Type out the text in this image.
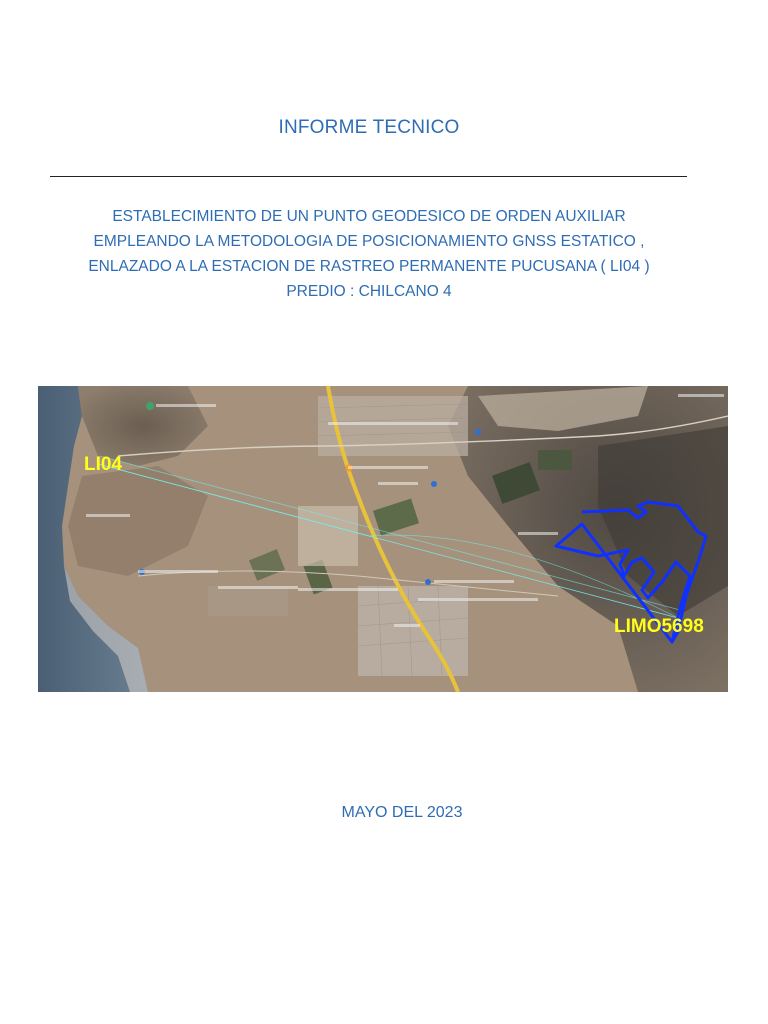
INFORME TECNICO
ESTABLECIMIENTO DE UN PUNTO GEODESICO DE ORDEN AUXILIAR
EMPLEANDO LA METODOLOGIA DE POSICIONAMIENTO GNSS ESTATICO ,
ENLAZADO A LA ESTACION DE RASTREO PERMANENTE PUCUSANA ( LI04 )
PREDIO : CHILCANO 4
LI04
LIMO5698
MAYO DEL 2023
